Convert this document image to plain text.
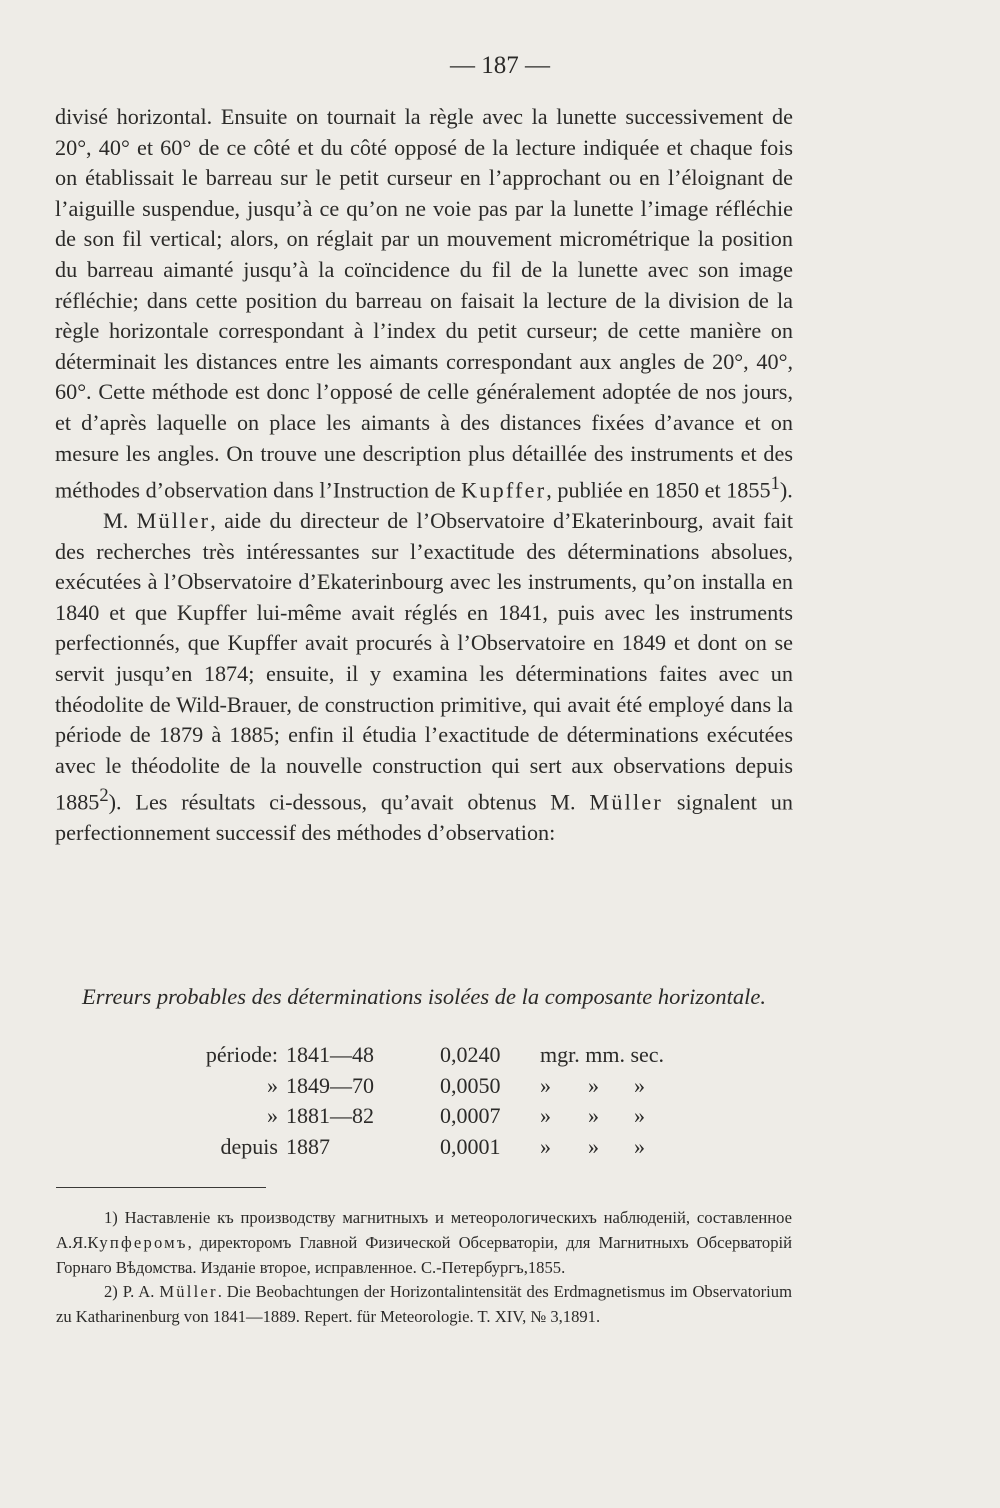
— 187 —

divisé horizontal. Ensuite on tournait la règle avec la lunette successivement de 20°, 40° et 60° de ce côté et du côté opposé de la lecture indiquée et chaque fois on établissait le barreau sur le petit curseur en l’approchant ou en l’éloignant de l’aiguille suspendue, jusqu’à ce qu’on ne voie pas par la lunette l’image réfléchie de son fil vertical; alors, on réglait par un mouvement micrométrique la position du barreau aimanté jusqu’à la coïncidence du fil de la lunette avec son image réfléchie; dans cette position du barreau on faisait la lecture de la division de la règle horizontale correspondant à l’index du petit curseur; de cette manière on déterminait les distances entre les aimants correspondant aux angles de 20°, 40°, 60°. Cette méthode est donc l’opposé de celle généralement adoptée de nos jours, et d’après laquelle on place les aimants à des distances fixées d’avance et on mesure les angles. On trouve une description plus détaillée des instruments et des méthodes d’observation dans l’Instruction de Kupffer, publiée en 1850 et 1855$^1$).

M. Müller, aide du directeur de l’Observatoire d’Ekaterinbourg, avait fait des recherches très intéressantes sur l’exactitude des déterminations absolues, exécutées à l’Observatoire d’Ekaterinbourg avec les instruments, qu’on installa en 1840 et que Kupffer lui-même avait réglés en 1841, puis avec les instruments perfectionnés, que Kupffer avait procurés à l’Observatoire en 1849 et dont on se servit jusqu’en 1874; ensuite, il y examina les déterminations faites avec un théodolite de Wild-Brauer, de construction primitive, qui avait été employé dans la période de 1879 à 1885; enfin il étudia l’exactitude de déterminations exécutées avec le théodolite de la nouvelle construction qui sert aux observations depuis 1885$^2$). Les résultats ci-dessous, qu’avait obtenus M. Müller signalent un perfectionnement successif des méthodes d’observation:

Erreurs probables des déterminations isolées de la composante horizontale.
période: 1841—48	0,0240 mgr. mm. sec.
» 1849—70	0,0050 » » »
» 1881—82	0,0007 » » »
depuis 1887	0,0001 » » »

1) Наставленіе къ производству магнитныхъ и метеорологическихъ наблюденій, составленное А.Я.Купферомъ, директоромъ Главной Физической Обсерваторіи, для Магнитныхъ Обсерваторій Горнаго Вѣдомства. Изданіе второе, исправленное. С.-Петербургъ,1855.

2) P. A. Müller. Die Beobachtungen der Horizontalintensität des Erdmagnetismus im Observatorium zu Katharinenburg von 1841—1889. Repert. für Meteorologie. T. XIV, № 3,1891.
